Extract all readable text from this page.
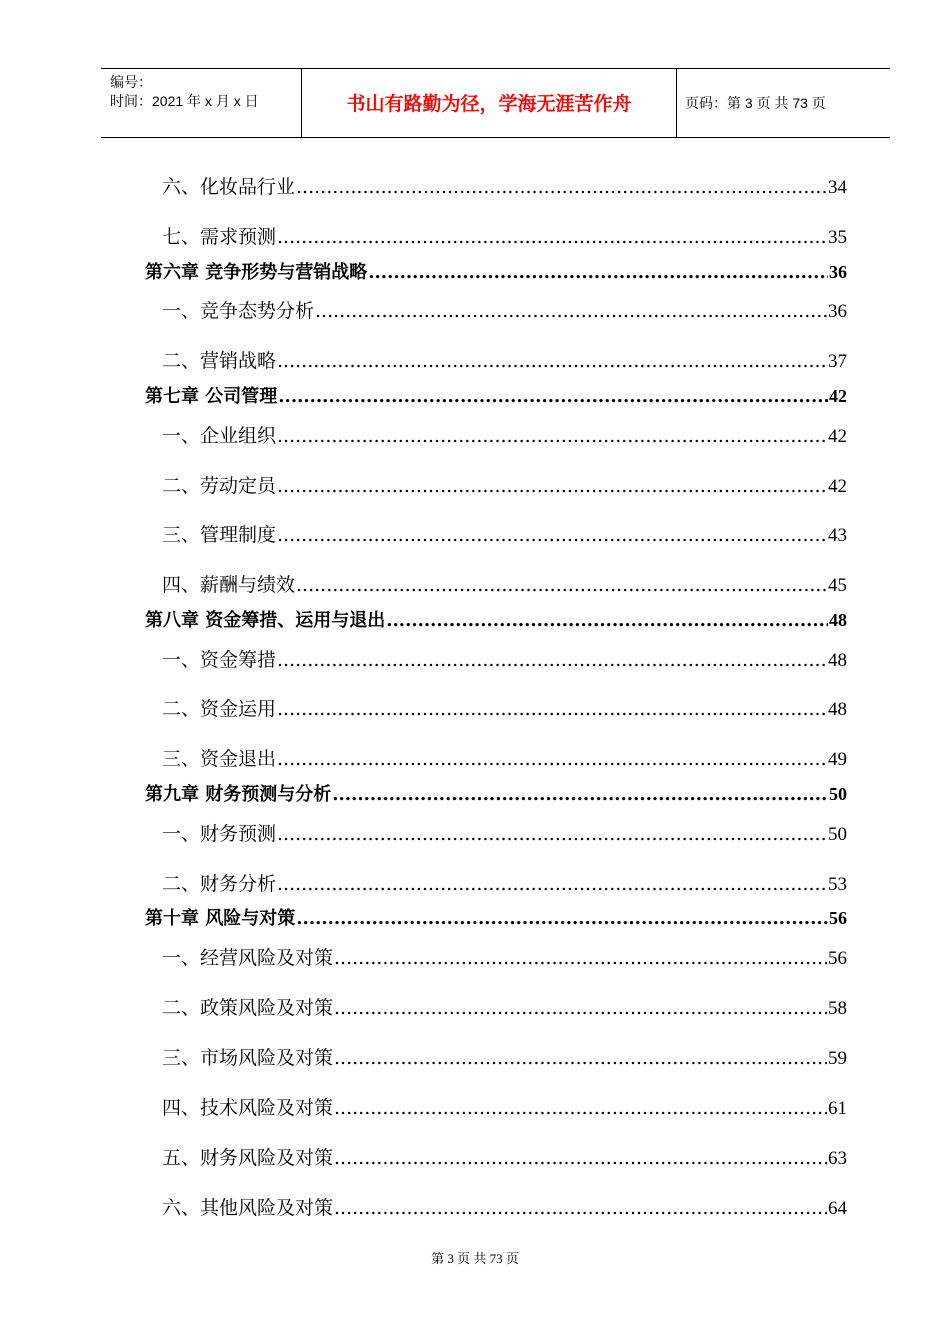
编号：
时间：2021 年 x 月 x 日	书山有路勤为径，学海无涯苦作舟	页码：第 3 页 共 73 页
六、化妆品行业 .....	34
七、需求预测 .....	35
第六章 竞争形势与营销战略 .....	36
一、竞争态势分析 .....	36
二、营销战略 .....	37
第七章 公司管理 .....	42
一、企业组织 .....	42
二、劳动定员 .....	42
三、管理制度 .....	43
四、薪酬与绩效 .....	45
第八章 资金筹措、运用与退出 .....	48
一、资金筹措 .....	48
二、资金运用 .....	48
三、资金退出 .....	49
第九章 财务预测与分析 .....	50
一、财务预测 .....	50
二、财务分析 .....	53
第十章 风险与对策 .....	56
一、经营风险及对策 .....	56
二、政策风险及对策 .....	58
三、市场风险及对策 .....	59
四、技术风险及对策 .....	61
五、财务风险及对策 .....	63
六、其他风险及对策 .....	64
第 3 页 共 73 页
